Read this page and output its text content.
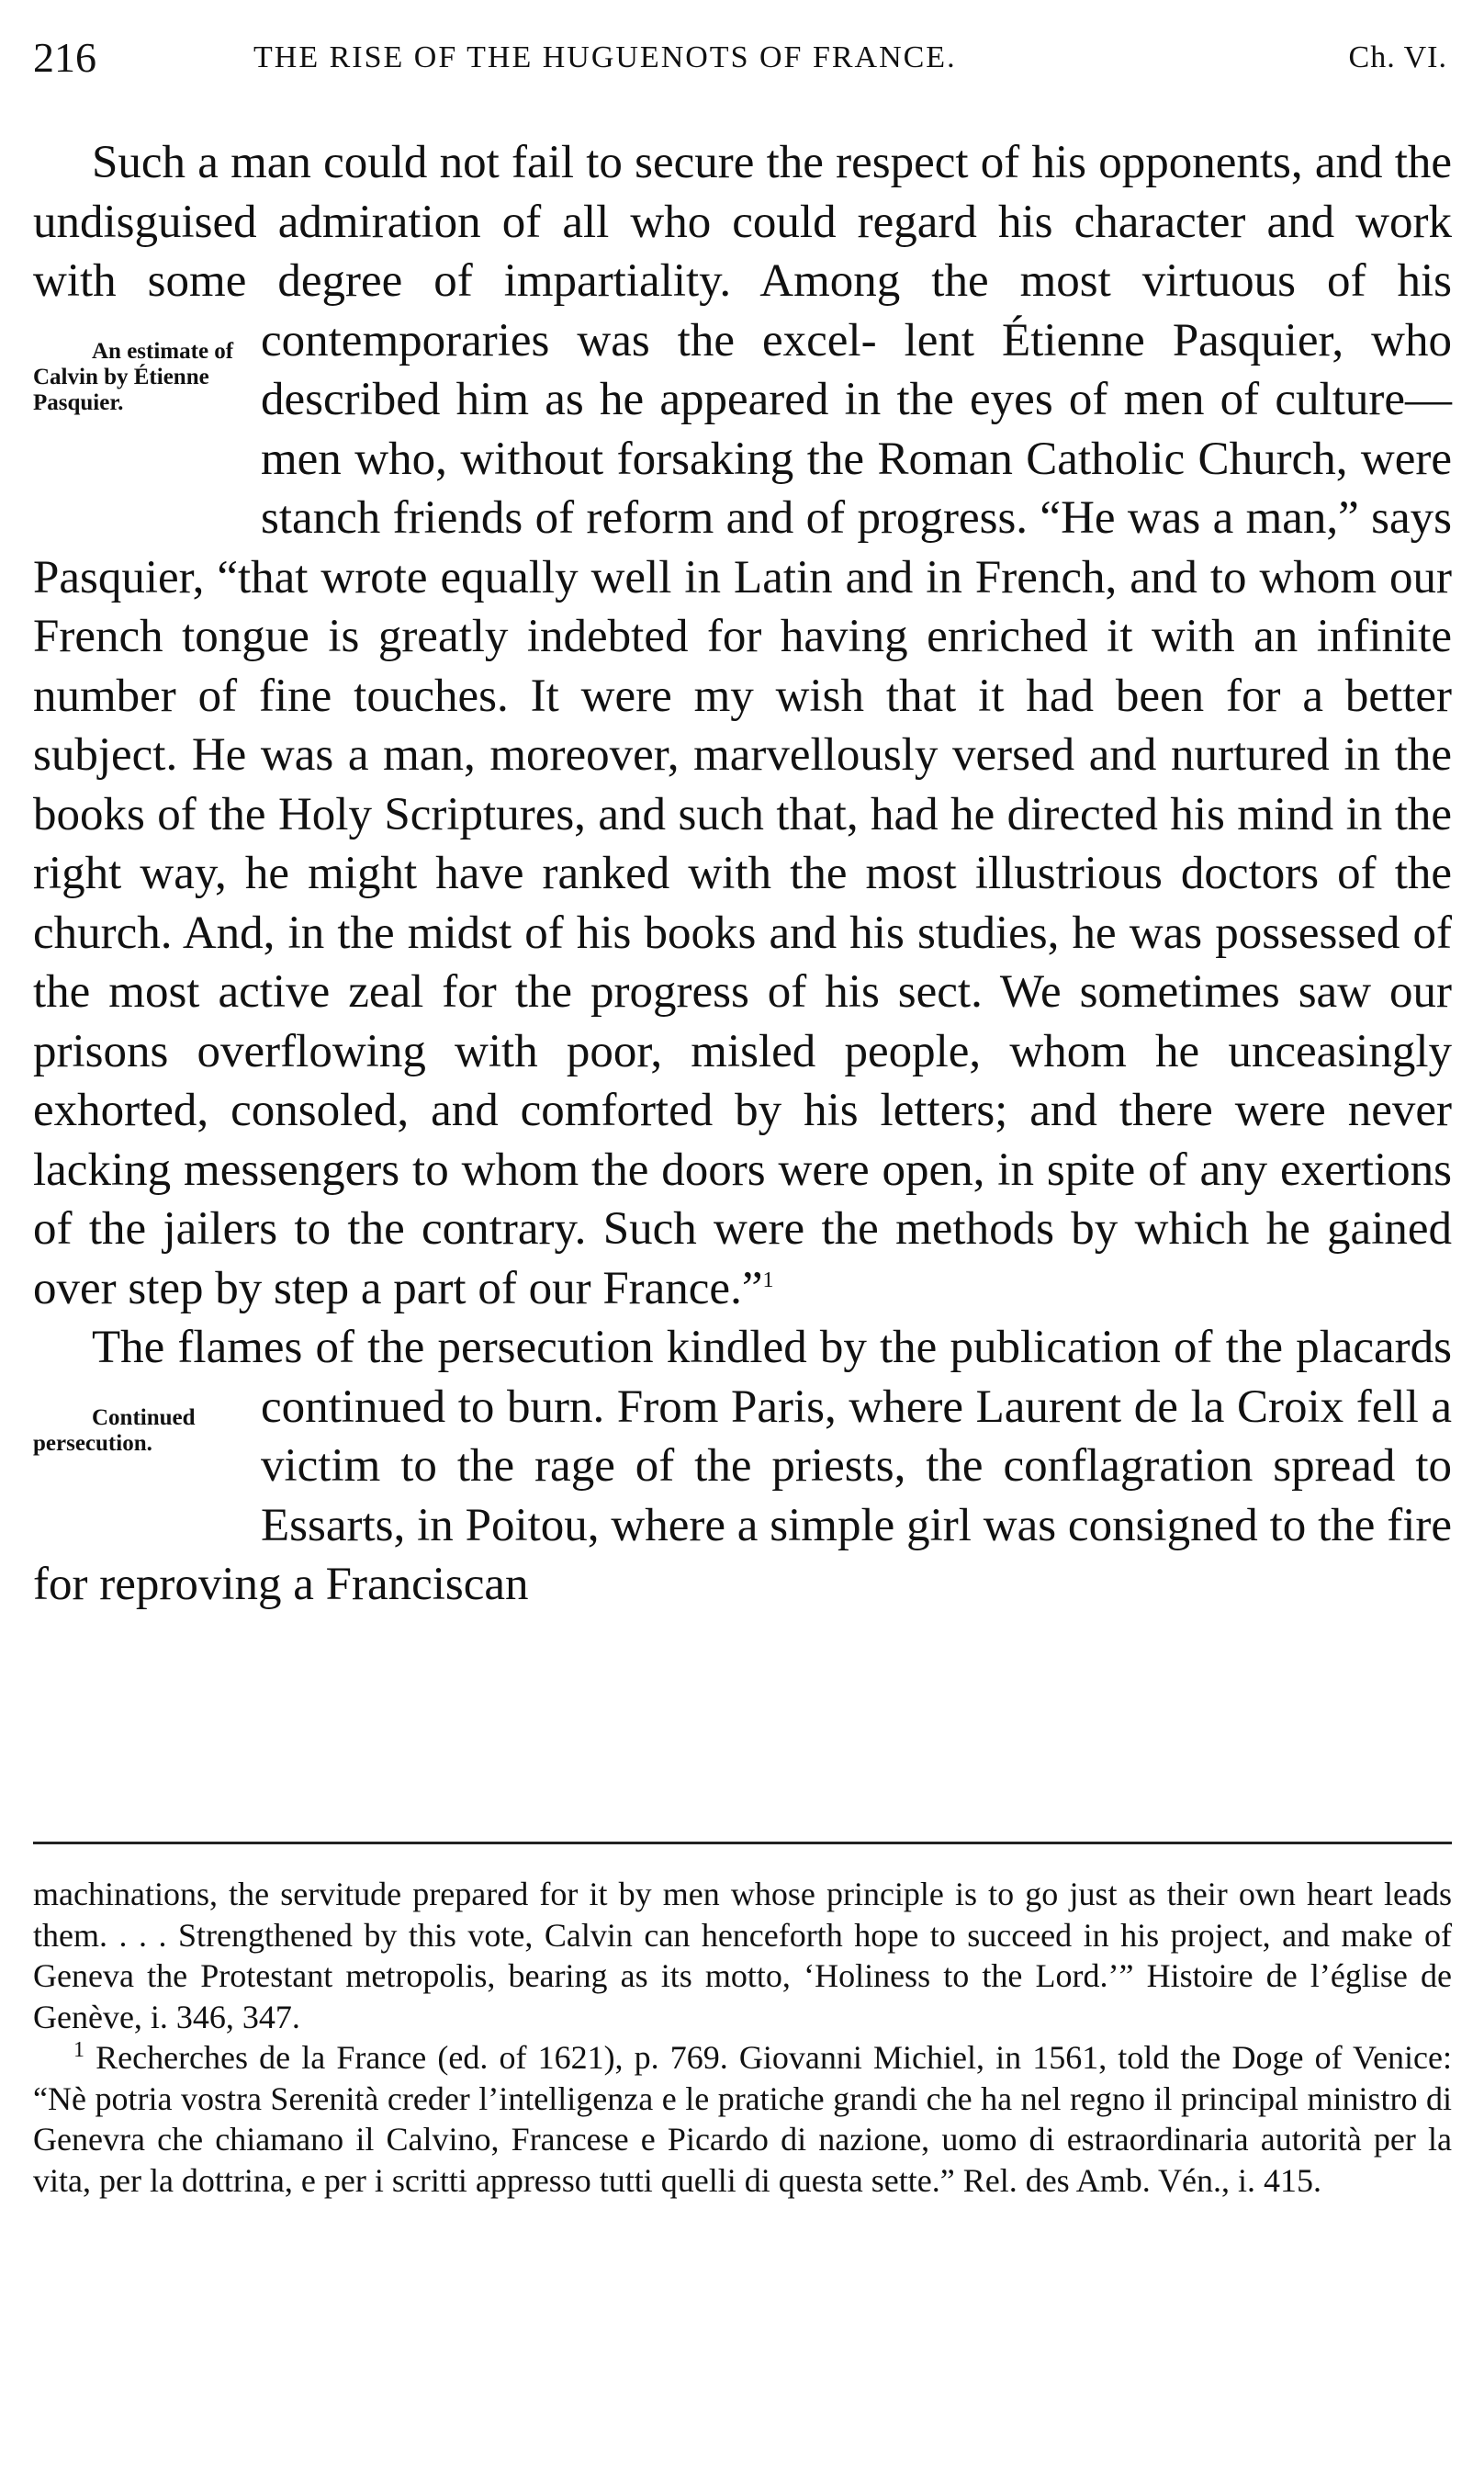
216	THE RISE OF THE HUGUENOTS OF FRANCE.	Ch. VI.

Such a man could not fail to secure the respect of his opponents, and the undisguised admiration of all who could regard his character and work with some degree of impartiality. Among the most virtuous of his contemporaries was the excel-
An estimate of Calvin by Étienne Pasquier.
lent Étienne Pasquier, who described him as he appeared in the eyes of men of culture—men who, without forsaking the Roman Catholic Church, were stanch friends of reform and of progress. “He was a man,” says Pasquier, “that wrote equally well in Latin and in French, and to whom our French tongue is greatly indebted for having enriched it with an infinite number of fine touches. It were my wish that it had been for a better subject. He was a man, moreover, marvellously versed and nurtured in the books of the Holy Scriptures, and such that, had he directed his mind in the right way, he might have ranked with the most illustrious doctors of the church. And, in the midst of his books and his studies, he was possessed of the most active zeal for the progress of his sect. We sometimes saw our prisons overflowing with poor, misled people, whom he unceasingly exhorted, consoled, and comforted by his letters; and there were never lacking messengers to whom the doors were open, in spite of any exertions of the jailers to the contrary. Such were the methods by which he gained over step by step a part of our France.”$^1$

The flames of the persecution kindled by the publication of the placards continued to burn. From Paris, where Laurent de
Continued persecution.
la Croix fell a victim to the rage of the priests, the conflagration spread to Essarts, in Poitou, where a simple girl was consigned to the fire for reproving a Franciscan

machinations, the servitude prepared for it by men whose principle is to go just as their own heart leads them. . . . Strengthened by this vote, Calvin can henceforth hope to succeed in his project, and make of Geneva the Protestant metropolis, bearing as its motto, ‘Holiness to the Lord.’” Histoire de l’église de Genève, i. 346, 347.

$^1$ Recherches de la France (ed. of 1621), p. 769. Giovanni Michiel, in 1561, told the Doge of Venice: “Nè potria vostra Serenità creder l’intelligenza e le pratiche grandi che ha nel regno il principal ministro di Genevra che chiamano il Calvino, Francese e Picardo di nazione, uomo di estraordinaria autorità per la vita, per la dottrina, e per i scritti appresso tutti quelli di questa sette.” Rel. des Amb. Vén., i. 415.
